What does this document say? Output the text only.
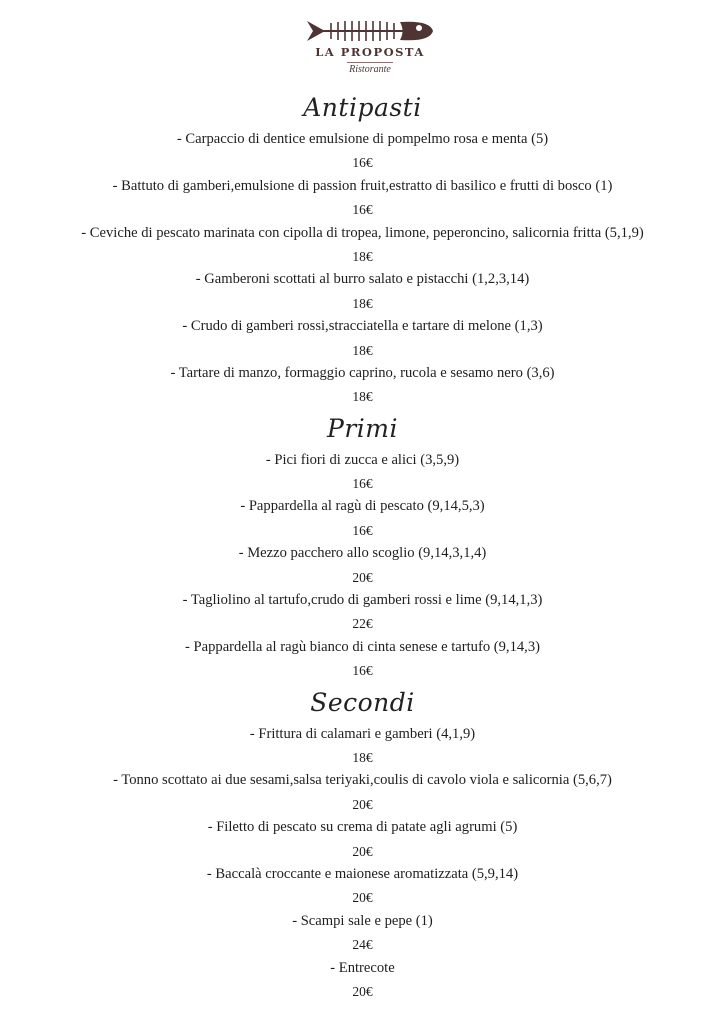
LA PROPOSTA
Ristorante
Antipasti
- Carpaccio di dentice emulsione di pompelmo rosa e menta (5)
16€
- Battuto di gamberi,emulsione di passion fruit,estratto di basilico e frutti di bosco (1)
16€
- Ceviche di pescato marinata con cipolla di tropea, limone, peperoncino, salicornia fritta (5,1,9)
18€
- Gamberoni scottati al burro salato e pistacchi (1,2,3,14)
18€
- Crudo di gamberi rossi,stracciatella e tartare di melone (1,3)
18€
- Tartare di manzo, formaggio caprino, rucola e sesamo nero (3,6)
18€
Primi
- Pici fiori di zucca e alici (3,5,9)
16€
- Pappardella al ragù di pescato (9,14,5,3)
16€
- Mezzo pacchero allo scoglio (9,14,3,1,4)
20€
- Tagliolino al tartufo,crudo di gamberi rossi e lime (9,14,1,3)
22€
- Pappardella al ragù bianco di cinta senese e tartufo (9,14,3)
16€
Secondi
- Frittura di calamari e gamberi (4,1,9)
18€
- Tonno scottato ai due sesami,salsa teriyaki,coulis di cavolo viola e salicornia (5,6,7)
20€
- Filetto di pescato su crema di patate agli agrumi (5)
20€
- Baccalà croccante e maionese aromatizzata (5,9,14)
20€
- Scampi sale e pepe (1)
24€
- Entrecote
20€
